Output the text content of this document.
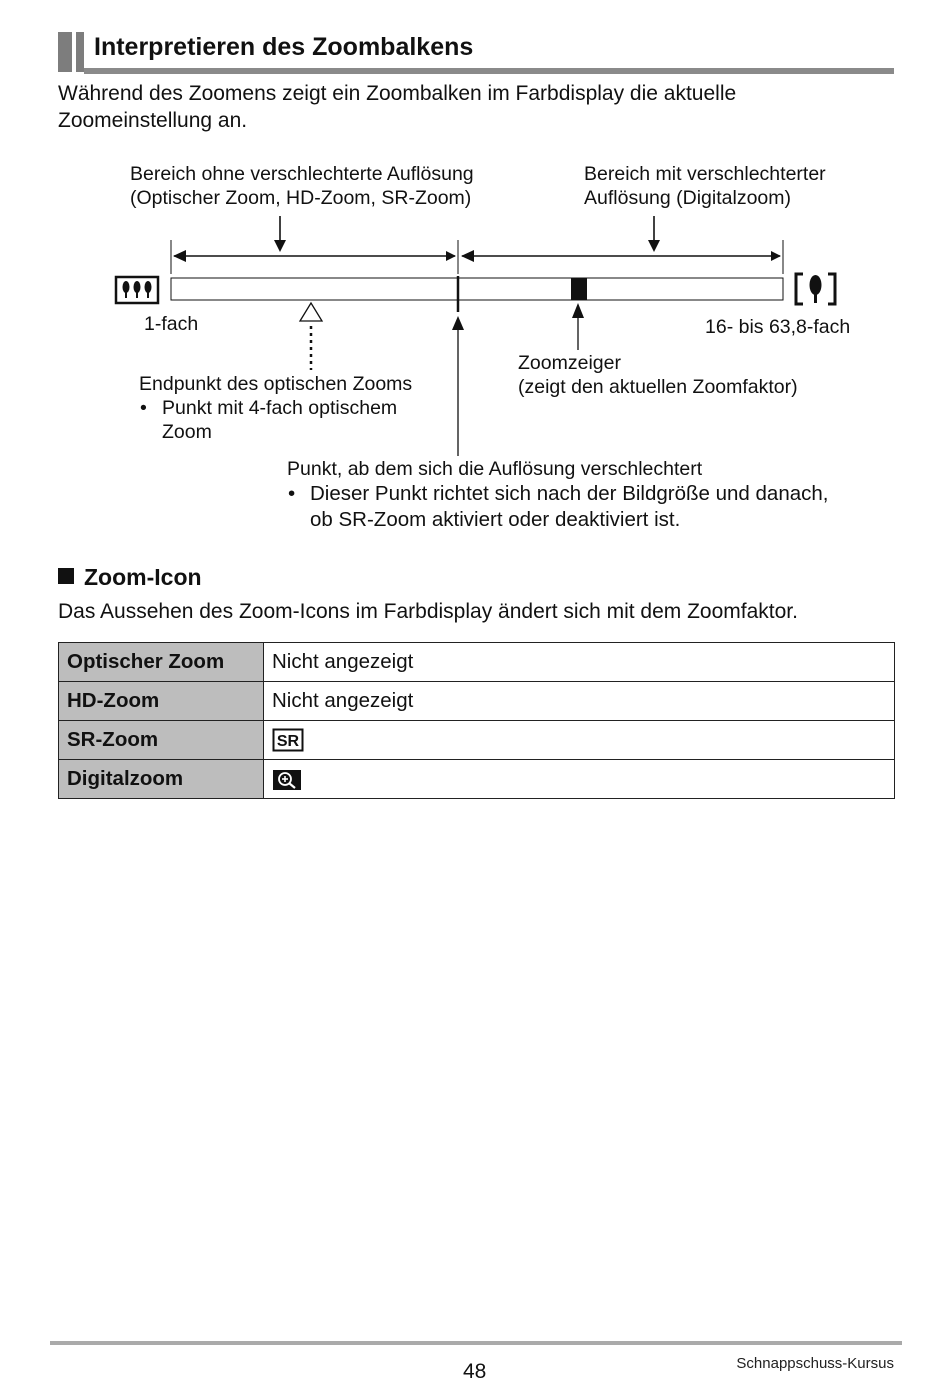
Interpretieren des Zoombalkens

Während des Zoomens zeigt ein Zoombalken im Farbdisplay die aktuelle Zoomeinstellung an.

Bereich ohne verschlechterte Auflösung
(Optischer Zoom, HD-Zoom, SR-Zoom)
Bereich mit verschlechterter
Auflösung (Digitalzoom)
1-fach	16- bis 63,8-fach
Endpunkt des optischen Zooms
• Punkt mit 4-fach optischem
Zoom
Zoomzeiger
(zeigt den aktuellen Zoomfaktor)
Punkt, ab dem sich die Auflösung verschlechtert
• Dieser Punkt richtet sich nach der Bildgröße und danach,
ob SR-Zoom aktiviert oder deaktiviert ist.
Zoom-Icon

Das Aussehen des Zoom-Icons im Farbdisplay ändert sich mit dem Zoomfaktor.

Optischer Zoom	Nicht angezeigt
HD-Zoom	Nicht angezeigt
SR-Zoom	SR

Digitalzoom	
48	Schnappschuss-Kursus
